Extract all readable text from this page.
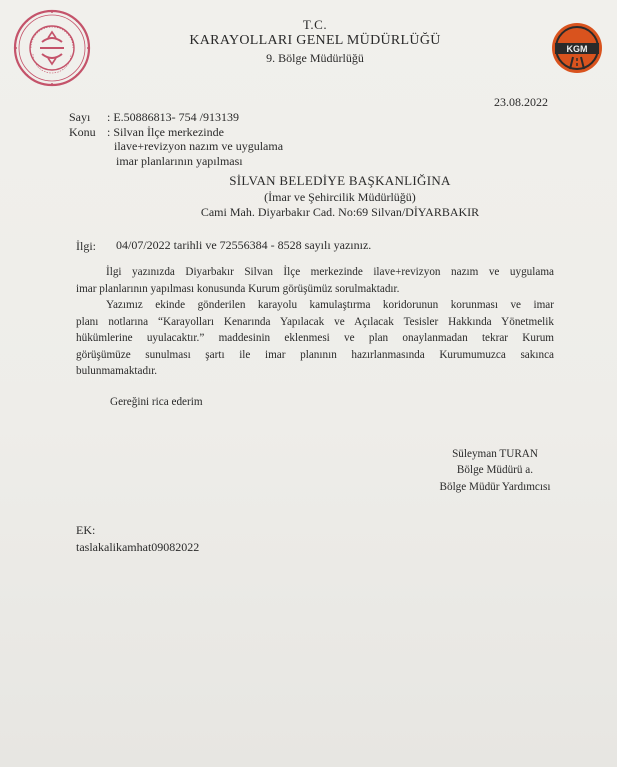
T.C.
KARAYOLLARI GENEL MÜDÜRLÜĞÜ
9. Bölge Müdürlüğü
KGM
23.08.2022
Sayı : E.50886813- 754 /913139
Konu : Silvan İlçe merkezinde
ilave+revizyon nazım ve uygulama
imar planlarının yapılması
SİLVAN BELEDİYE BAŞKANLIĞINA
(İmar ve Şehircilik Müdürlüğü)
Cami Mah. Diyarbakır Cad. No:69 Silvan/DİYARBAKIR
İlgi: 04/07/2022 tarihli ve 72556384 - 8528 sayılı yazınız.
İlgi yazınızda Diyarbakır Silvan İlçe merkezinde ilave+revizyon nazım ve uygulama
imar planlarının yapılması konusunda Kurum görüşümüz sorulmaktadır.
Yazımız ekinde gönderilen karayolu kamulaştırma koridorunun korunması ve imar
planı notlarına “Karayolları Kenarında Yapılacak ve Açılacak Tesisler Hakkında Yönetmelik
hükümlerine uyulacaktır.” maddesinin eklenmesi ve plan onaylanmadan tekrar Kurum
görüşümüze sunulması şartı ile imar planının hazırlanmasında Kurumumuzca sakınca
bulunmamaktadır.
Gereğini rica ederim
Süleyman TURAN
Bölge Müdürü a.
Bölge Müdür Yardımcısı
EK:
taslakalikamhat09082022
